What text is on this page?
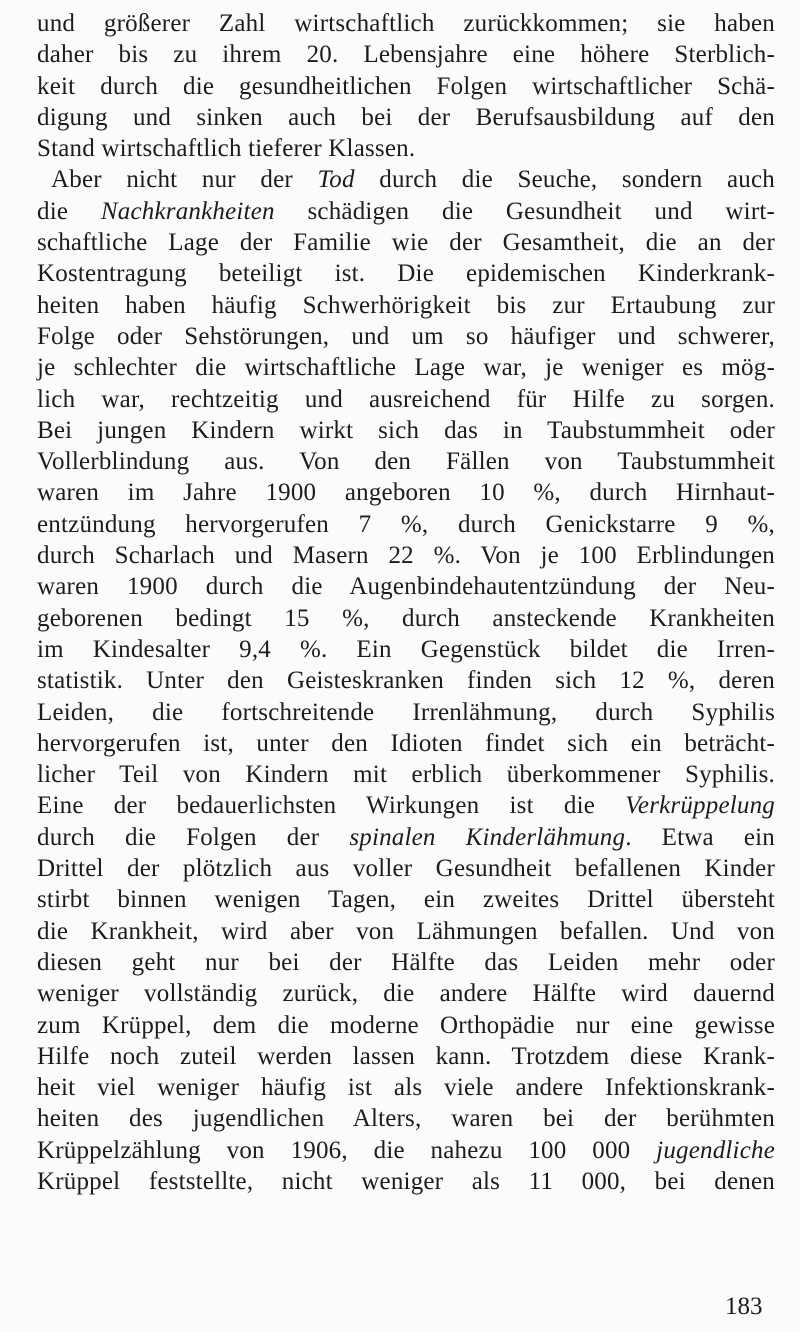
und größerer Zahl wirtschaftlich zurückkommen; sie haben
daher bis zu ihrem 20. Lebensjahre eine höhere Sterblich-
keit durch die gesundheitlichen Folgen wirtschaftlicher Schä-
digung und sinken auch bei der Berufsausbildung auf den
Stand wirtschaftlich tieferer Klassen.
Aber nicht nur der Tod durch die Seuche, sondern auch
die Nachkrankheiten schädigen die Gesundheit und wirt-
schaftliche Lage der Familie wie der Gesamtheit, die an der
Kostentragung beteiligt ist. Die epidemischen Kinderkrank-
heiten haben häufig Schwerhörigkeit bis zur Ertaubung zur
Folge oder Sehstörungen, und um so häufiger und schwerer,
je schlechter die wirtschaftliche Lage war, je weniger es mög-
lich war, rechtzeitig und ausreichend für Hilfe zu sorgen.
Bei jungen Kindern wirkt sich das in Taubstummheit oder
Vollerblindung aus. Von den Fällen von Taubstummheit
waren im Jahre 1900 angeboren 10 %, durch Hirnhaut-
entzündung hervorgerufen 7 %, durch Genickstarre 9 %,
durch Scharlach und Masern 22 %. Von je 100 Erblindungen
waren 1900 durch die Augenbindehautentzündung der Neu-
geborenen bedingt 15 %, durch ansteckende Krankheiten
im Kindesalter 9,4 %. Ein Gegenstück bildet die Irren-
statistik. Unter den Geisteskranken finden sich 12 %, deren
Leiden, die fortschreitende Irrenlähmung, durch Syphilis
hervorgerufen ist, unter den Idioten findet sich ein beträcht-
licher Teil von Kindern mit erblich überkommener Syphilis.
Eine der bedauerlichsten Wirkungen ist die Verkrüppelung
durch die Folgen der spinalen Kinderlähmung. Etwa ein
Drittel der plötzlich aus voller Gesundheit befallenen Kinder
stirbt binnen wenigen Tagen, ein zweites Drittel übersteht
die Krankheit, wird aber von Lähmungen befallen. Und von
diesen geht nur bei der Hälfte das Leiden mehr oder
weniger vollständig zurück, die andere Hälfte wird dauernd
zum Krüppel, dem die moderne Orthopädie nur eine gewisse
Hilfe noch zuteil werden lassen kann. Trotzdem diese Krank-
heit viel weniger häufig ist als viele andere Infektionskrank-
heiten des jugendlichen Alters, waren bei der berühmten
Krüppelzählung von 1906, die nahezu 100 000 jugendliche
Krüppel feststellte, nicht weniger als 11 000, bei denen
183
